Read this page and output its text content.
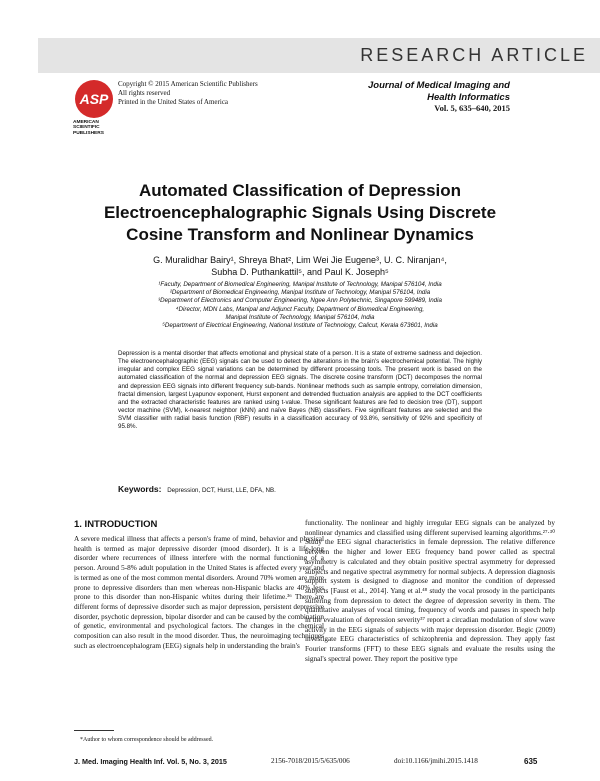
RESEARCH ARTICLE
ASP
AMERICAN
SCIENTIFIC
PUBLISHERS
Copyright © 2015 American Scientific Publishers
All rights reserved
Printed in the United States of America
Journal of Medical Imaging and
Health Informatics
Vol. 5, 635–640, 2015
Automated Classification of Depression
Electroencephalographic Signals Using Discrete
Cosine Transform and Nonlinear Dynamics
G. Muralidhar Bairy¹, Shreya Bhat², Lim Wei Jie Eugene³, U. C. Niranjan⁴,
Subha D. Puthankattil⁵, and Paul K. Joseph⁵
¹Faculty, Department of Biomedical Engineering, Manipal Institute of Technology, Manipal 576104, India
²Department of Biomedical Engineering, Manipal Institute of Technology, Manipal 576104, India
³Department of Electronics and Computer Engineering, Ngee Ann Polytechnic, Singapore 599489, India
⁴Director, MDN Labs, Manipal and Adjunct Faculty, Department of Biomedical Engineering,
Manipal Institute of Technology, Manipal 576104, India
⁵Department of Electrical Engineering, National Institute of Technology, Calicut, Kerala 673601, India
Depression is a mental disorder that affects emotional and physical state of a person. It is a state of extreme sadness and dejection. The electroencephalographic (EEG) signals can be used to detect the alterations in the brain's electrochemical potential. The highly irregular and complex EEG signal variations can be determined by different processing tools. The present work is based on the automated classification of the normal and depression EEG signals. The discrete cosine transform (DCT) decomposes the normal and depression EEG signals into different frequency sub-bands. Nonlinear methods such as sample entropy, correlation dimension, fractal dimension, largest Lyapunov exponent, Hurst exponent and detrended fluctuation analysis are applied to the DCT coefficients and the extracted characteristic features are ranked using t-value. These significant features are fed to decision tree (DT), support vector machine (SVM), k-nearest neighbor (kNN) and naïve Bayes (NB) classifiers. Five significant features are selected and the SVM classifier with radial basis function (RBF) results in a classification accuracy of 93.8%, sensitivity of 92% and specificity of 95.8%.
Keywords: Depression, DCT, Hurst, LLE, DFA, NB.
1. INTRODUCTION
A severe medical illness that affects a person's frame of mind, behavior and physical health is termed as major depressive disorder (mood disorder). It is a life-long disorder where recurrences of illness interfere with the normal functioning of a person. Around 5-8% adult population in the United States is affected every year and is termed as one of the most common mental disorders. Around 70% women are more prone to depressive disorders than men whereas non-Hispanic blacks are 40% less prone to this disorder than non-Hispanic whites during their lifetime.³⁶ There are different forms of depressive disorder such as major depression, persistent depressive disorder, psychotic depression, bipolar disorder and can be caused by the combination of genetic, environmental and psychological factors. The changes in the chemical composition can also result in the mood disorder. Thus, the neuroimaging techniques such as electroencephalogram (EEG) signals help in understanding the brain's
functionality. The nonlinear and highly irregular EEG signals can be analyzed by nonlinear dynamics and classified using different supervised learning algorithms.²⁷·³⁰ Study the EEG signal characteristics in female depression. The relative difference between the higher and lower EEG frequency band power called as spectral asymmetry is calculated and they obtain positive spectral asymmetry for depressed subjects and negative spectral asymmetry for normal subjects. A depression diagnosis support system is designed to diagnose and monitor the condition of depressed subjects [Faust et al., 2014]. Yang et al.⁴⁸ study the vocal prosody in the participants suffering from depression to detect the degree of depression severity in them. The quantitative analyses of vocal timing, frequency of words and pauses in speech help in the evaluation of depression severity³⁷ report a circadian modulation of slow wave activity in the EEG signals of subjects with major depression disorder. Begic (2009) investigate EEG characteristics of schizophrenia and depression. They apply fast Fourier transforms (FFT) to these EEG signals and evaluate the results using the signal's spectral power. They report the positive type
*Author to whom correspondence should be addressed.
J. Med. Imaging Health Inf. Vol. 5, No. 3, 2015	2156-7018/2015/5/635/006	doi:10.1166/jmihi.2015.1418	635
